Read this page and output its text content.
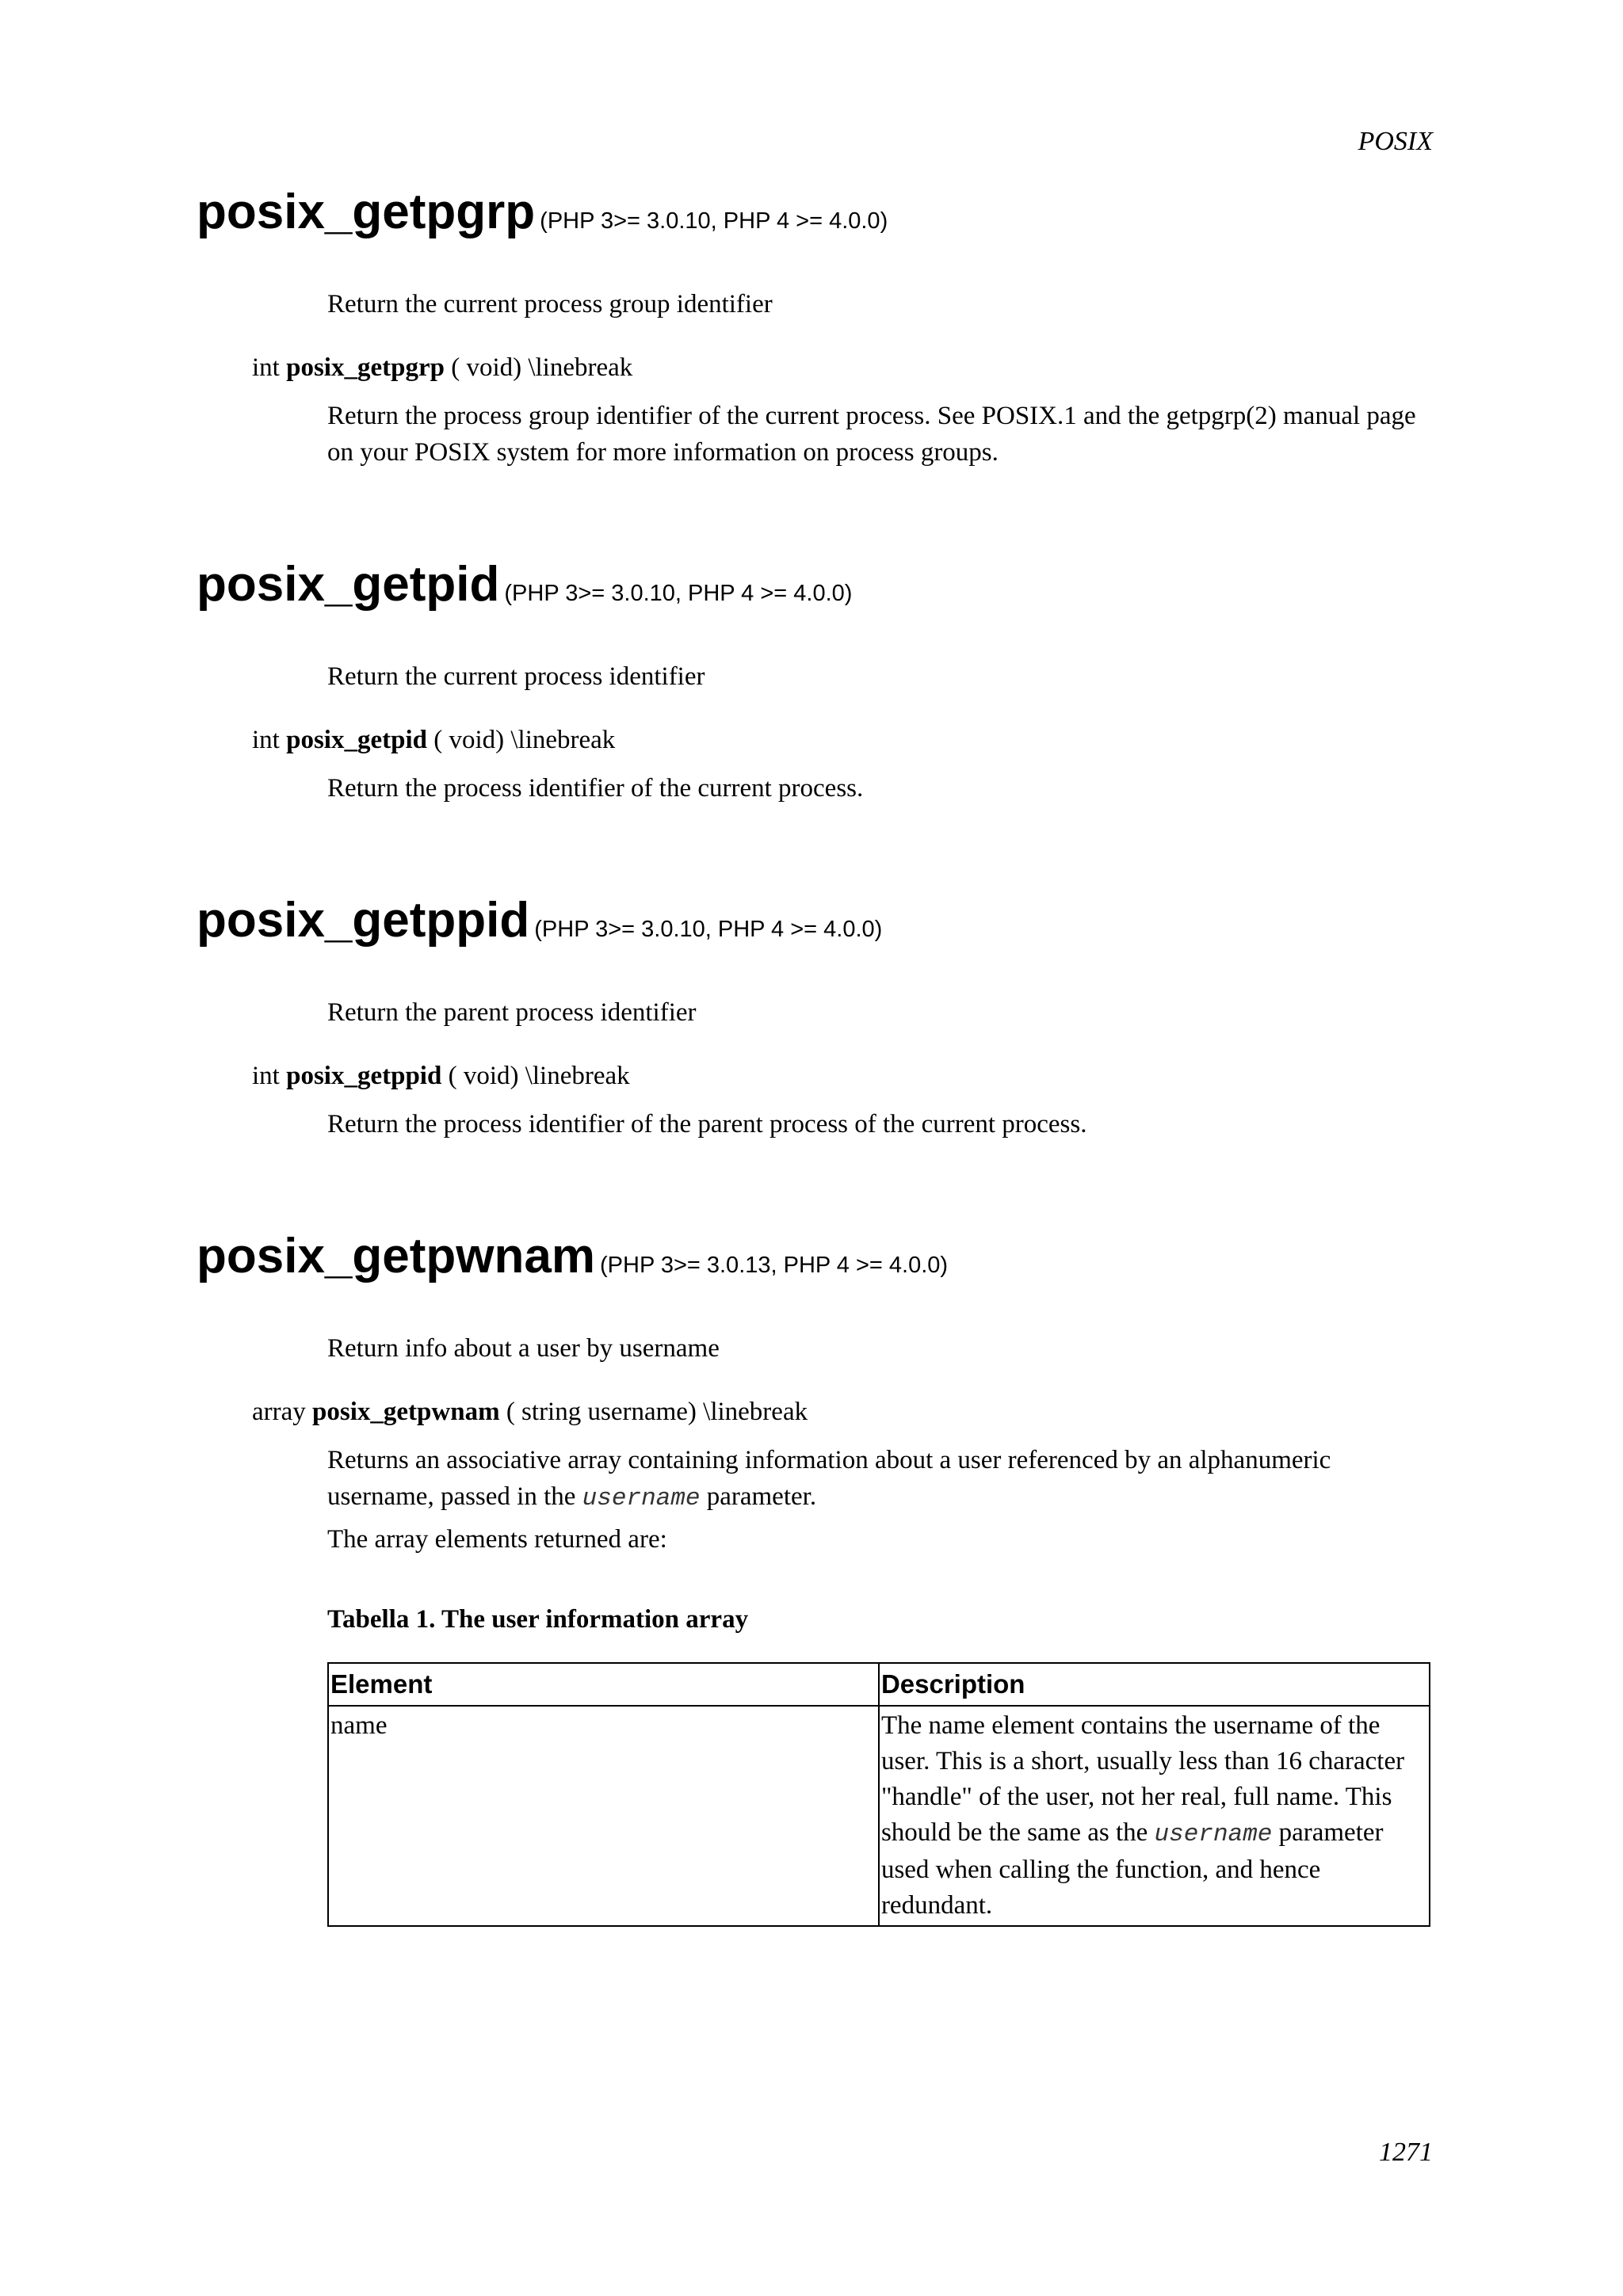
POSIX
posix_getpgrp (PHP 3>= 3.0.10, PHP 4 >= 4.0.0)
Return the current process group identifier
int posix_getpgrp ( void) \linebreak
Return the process group identifier of the current process. See POSIX.1 and the getpgrp(2) manual page on your POSIX system for more information on process groups.
posix_getpid (PHP 3>= 3.0.10, PHP 4 >= 4.0.0)
Return the current process identifier
int posix_getpid ( void) \linebreak
Return the process identifier of the current process.
posix_getppid (PHP 3>= 3.0.10, PHP 4 >= 4.0.0)
Return the parent process identifier
int posix_getppid ( void) \linebreak
Return the process identifier of the parent process of the current process.
posix_getpwnam (PHP 3>= 3.0.13, PHP 4 >= 4.0.0)
Return info about a user by username
array posix_getpwnam ( string username) \linebreak
Returns an associative array containing information about a user referenced by an alphanumeric username, passed in the username parameter.
The array elements returned are:
Tabella 1. The user information array
Element	Description
name	The name element contains the username of the user. This is a short, usually less than 16 character "handle" of the user, not her real, full name. This should be the same as the username parameter used when calling the function, and hence redundant.
1271
